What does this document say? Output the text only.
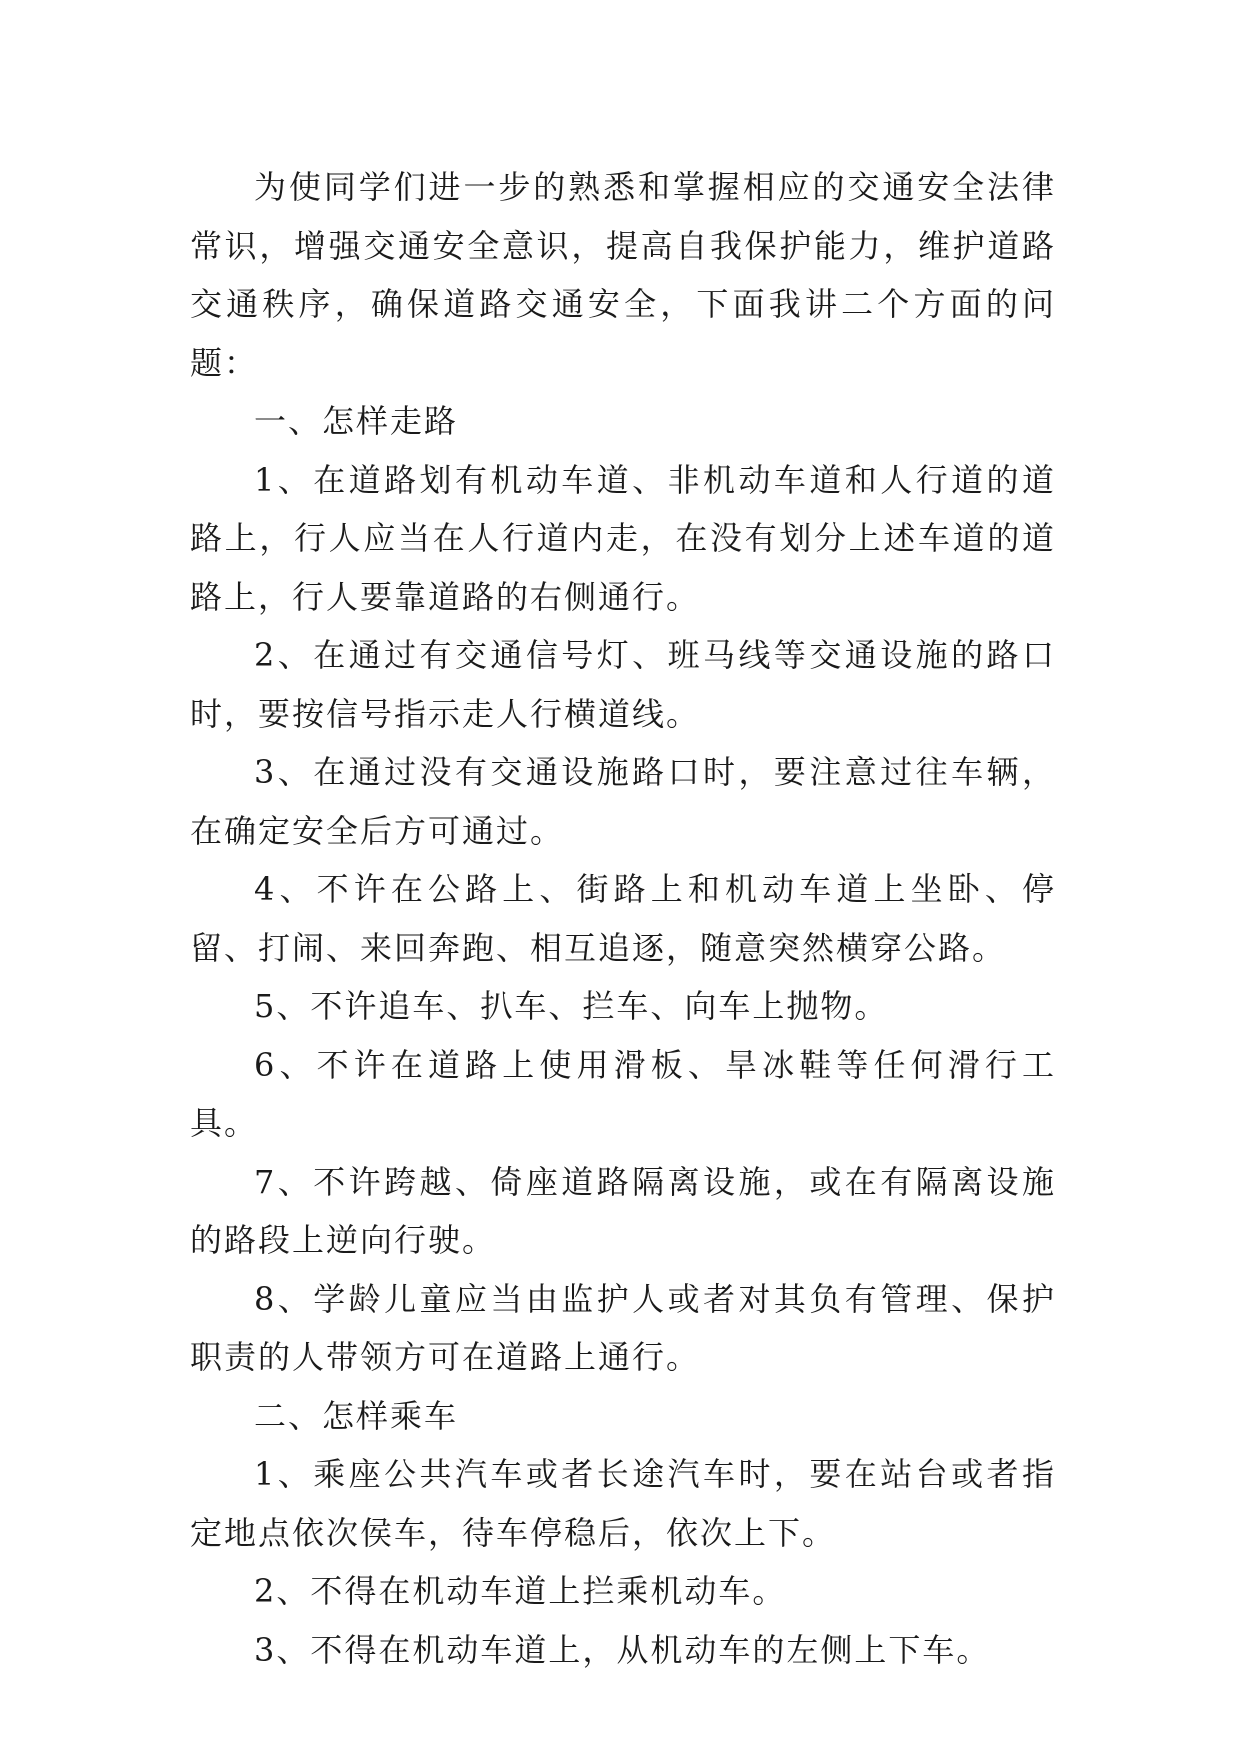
为使同学们进一步的熟悉和掌握相应的交通安全法律常识，增强交通安全意识，提高自我保护能力，维护道路交通秩序，确保道路交通安全，下面我讲二个方面的问题：

一、怎样走路

1、在道路划有机动车道、非机动车道和人行道的道路上，行人应当在人行道内走，在没有划分上述车道的道路上，行人要靠道路的右侧通行。

2、在通过有交通信号灯、班马线等交通设施的路口时，要按信号指示走人行横道线。

3、在通过没有交通设施路口时，要注意过往车辆，在确定安全后方可通过。

4、不许在公路上、街路上和机动车道上坐卧、停留、打闹、来回奔跑、相互追逐，随意突然横穿公路。

5、不许追车、扒车、拦车、向车上抛物。

6、不许在道路上使用滑板、旱冰鞋等任何滑行工具。

7、不许跨越、倚座道路隔离设施，或在有隔离设施的路段上逆向行驶。

8、学龄儿童应当由监护人或者对其负有管理、保护职责的人带领方可在道路上通行。

二、怎样乘车

1、乘座公共汽车或者长途汽车时，要在站台或者指定地点依次侯车，待车停稳后，依次上下。

2、不得在机动车道上拦乘机动车。

3、不得在机动车道上，从机动车的左侧上下车。
